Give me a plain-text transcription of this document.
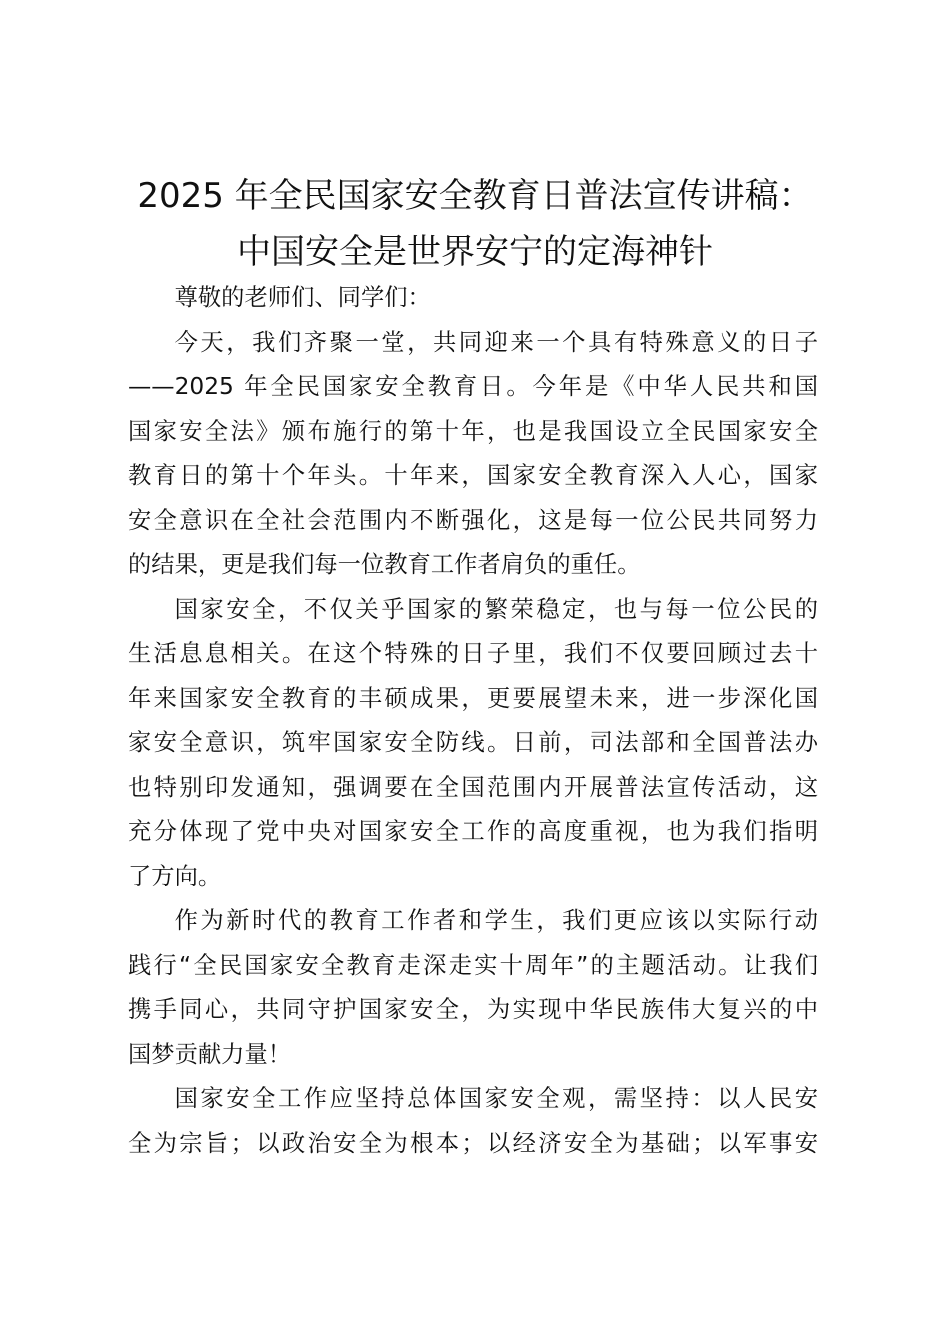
2025 年全民国家安全教育日普法宣传讲稿：
中国安全是世界安宁的定海神针

尊敬的老师们、同学们：

今天，我们齐聚一堂，共同迎来一个具有特殊意义的日子

——2025 年全民国家安全教育日。今年是《中华人民共和国
国家安全法》颁布施行的第十年，也是我国设立全民国家安全
教育日的第十个年头。十年来，国家安全教育深入人心，国家
安全意识在全社会范围内不断强化，这是每一位公民共同努力
的结果，更是我们每一位教育工作者肩负的重任。

国家安全，不仅关乎国家的繁荣稳定，也与每一位公民的

生活息息相关。在这个特殊的日子里，我们不仅要回顾过去十
年来国家安全教育的丰硕成果，更要展望未来，进一步深化国
家安全意识，筑牢国家安全防线。日前，司法部和全国普法办
也特别印发通知，强调要在全国范围内开展普法宣传活动，这
充分体现了党中央对国家安全工作的高度重视，也为我们指明
了方向。

作为新时代的教育工作者和学生，我们更应该以实际行动

践行“全民国家安全教育走深走实十周年”的主题活动。让我们
携手同心，共同守护国家安全，为实现中华民族伟大复兴的中
国梦贡献力量！

国家安全工作应坚持总体国家安全观，需坚持：以人民安

全为宗旨；以政治安全为根本；以经济安全为基础；以军事安
